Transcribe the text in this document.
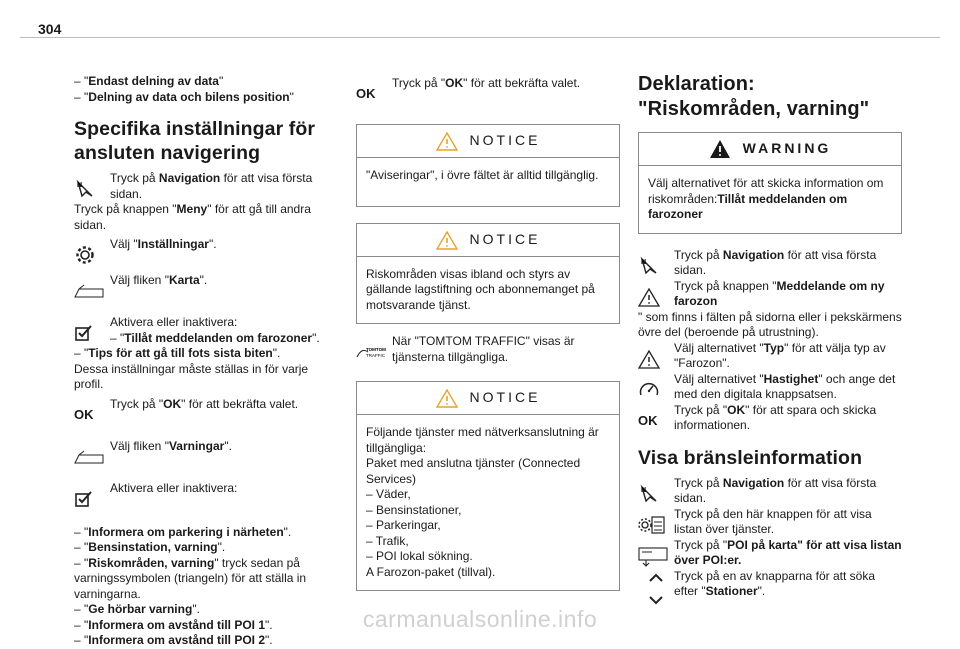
304

– "Endast delning av data"

– "Delning av data och bilens position"

Specifika inställningar för ansluten navigering
N

Tryck på Navigation för att visa första sidan.

Tryck på knappen "Meny" för att gå till andra sidan.

Välj "Inställningar".

Välj fliken "Karta".

Aktivera eller inaktivera:

– "Tillåt meddelanden om farozoner".

– "Tips för att gå till fots sista biten".

Dessa inställningar måste ställas in för varje profil.

OK

Tryck på "OK" för att bekräfta valet.

Välj fliken "Varningar".

Aktivera eller inaktivera:

– "Informera om parkering i närheten".

– "Bensinstation, varning".

– "Riskområden, varning" tryck sedan på varningssymbolen (triangeln) för att ställa in varningarna.

– "Ge hörbar varning".

– "Informera om avstånd till POI 1".

– "Informera om avstånd till POI 2".

OK

Tryck på "OK" för att bekräfta valet.

NOTICE

"Aviseringar", i övre fältet är alltid tillgänglig.

NOTICE

Riskområden visas ibland och styrs av gällande lagstiftning och abonnemanget på motsvarande tjänst.

TOMTOM
TRAFFIC

När "TOMTOM TRAFFIC" visas är tjänsterna tillgängliga.

NOTICE

Följande tjänster med nätverksanslutning är tillgängliga:

Paket med anslutna tjänster (Connected Services)

– Väder,

– Bensinstationer,

– Parkeringar,

– Trafik,

– POI lokal sökning.

A Farozon-paket (tillval).

Deklaration: "Riskområden, varning"
WARNING

Välj alternativet för att skicka information om riskområden:Tillåt meddelanden om farozoner

N

Tryck på Navigation för att visa första sidan.

Tryck på knappen "Meddelande om ny farozon

" som finns i fälten på sidorna eller i pekskärmens övre del (beroende på utrustning).

Välj alternativet "Typ" för att välja typ av "Farozon".

Välj alternativet "Hastighet" och ange det med den digitala knappsatsen.

OK

Tryck på "OK" för att spara och skicka informationen.

Visa bränsleinformation
N

Tryck på Navigation för att visa första sidan.

Tryck på den här knappen för att visa listan över tjänster.

Tryck på "POI på karta" för att visa listan över POI:er.

Tryck på en av knapparna för att söka efter "Stationer".

carmanualsonline.info
